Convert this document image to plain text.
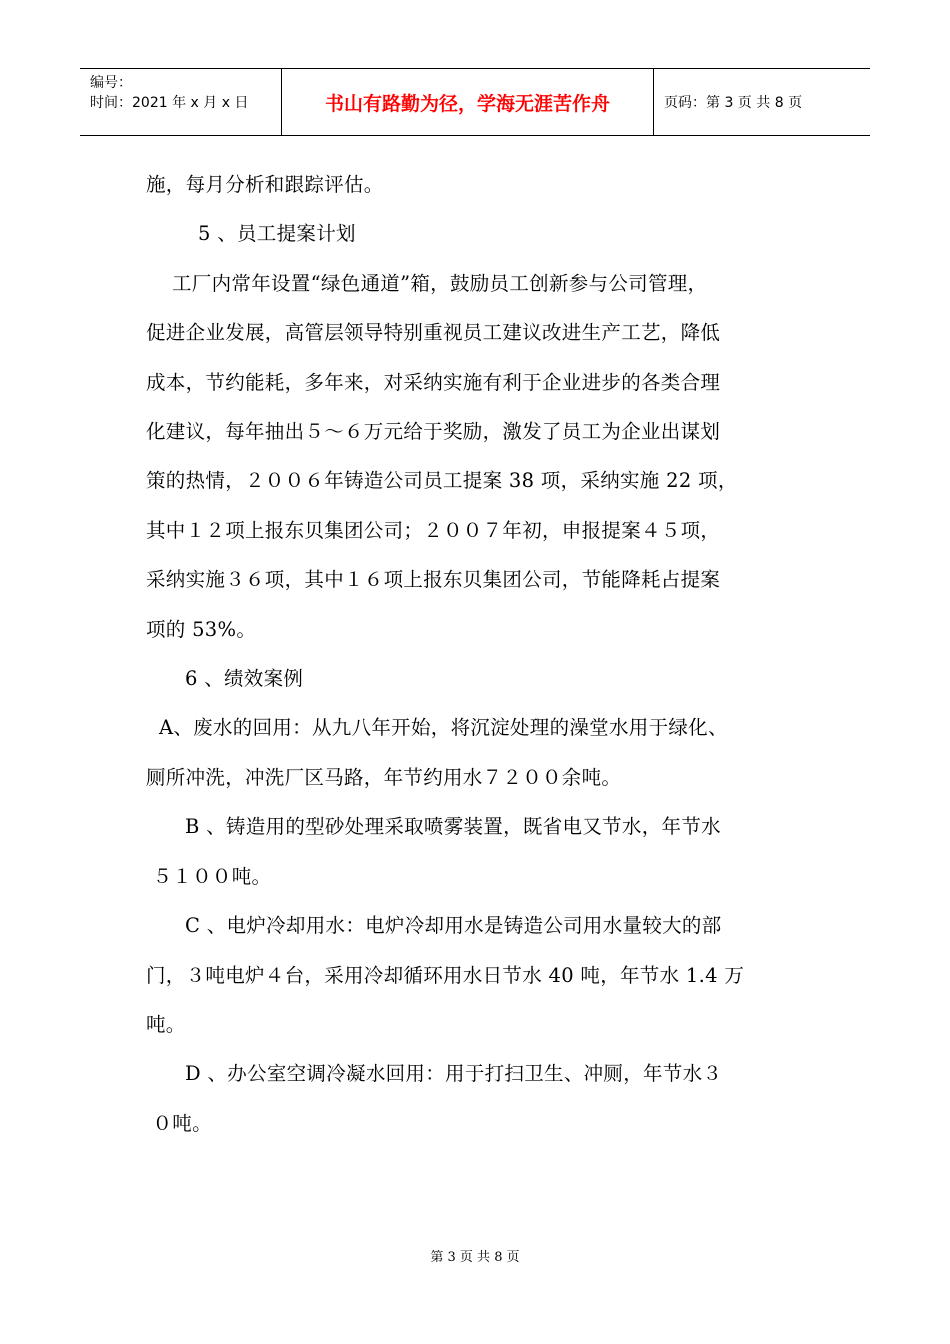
编号：
时间：2021 年 x 月 x 日	书山有路勤为径，学海无涯苦作舟	页码：第 3 页 共 8 页

施，每月分析和跟踪评估。

5 、员工提案计划

工厂内常年设置“绿色通道”箱，鼓励员工创新参与公司管理，

促进企业发展，高管层领导特别重视员工建议改进生产工艺，降低

成本，节约能耗，多年来，对采纳实施有利于企业进步的各类合理

化建议，每年抽出５～６万元给于奖励，激发了员工为企业出谋划

策的热情，２００６年铸造公司员工提案 38 项，采纳实施 22 项，

其中１２项上报东贝集团公司；２００７年初，申报提案４５项，

采纳实施３６项，其中１６项上报东贝集团公司，节能降耗占提案

项的 53%。

6 、绩效案例

A、废水的回用：从九八年开始，将沉淀处理的澡堂水用于绿化、

厕所冲洗，冲洗厂区马路，年节约用水７２００余吨。

B 、铸造用的型砂处理采取喷雾装置，既省电又节水，年节水

５１００吨。

C 、电炉冷却用水：电炉冷却用水是铸造公司用水量较大的部

门，３吨电炉４台，采用冷却循环用水日节水 40 吨，年节水 1.4 万

吨。

D 、办公室空调冷凝水回用：用于打扫卫生、冲厕，年节水３

０吨。

第 3 页 共 8 页
